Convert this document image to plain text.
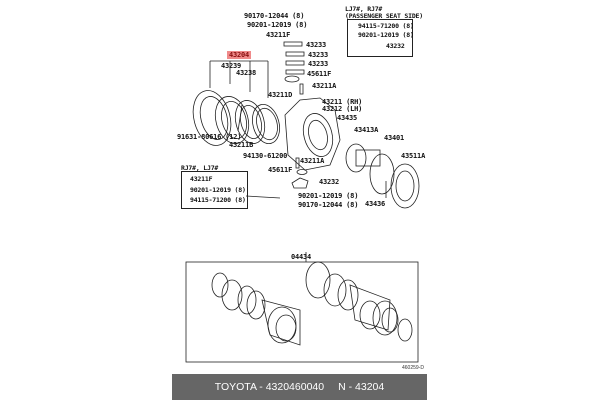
90170-12044 (8)
90201-12019 (8)
43211F
43233
43233
43233
45611F
43211A
43204
43239
43238
43211D
43211 (RH)
43212 (LH)
43435
43413A
43401
43511A
43436
91631-80616 (12)
43211B
94130-61200
43211A
45611F
43232
90201-12019 (8)
90170-12044 (8)
LJ7#, RJ7#
(PASSENGER SEAT SIDE)
94115-71200 (8)
90201-12019 (8)
43232
RJ7#, LJ7#
43211F
90201-12019 (8)
94115-71200 (8)
04434
460259-D
TOYOTA - 4320460040 N - 43204
